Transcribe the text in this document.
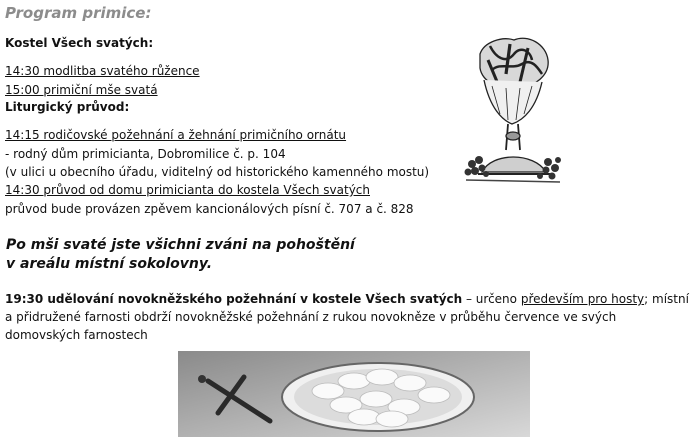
Program primice:
Kostel Všech svatých:
14:30 modlitba svatého růžence
15:00 primiční mše svatá
Liturgický průvod:
14:15 rodičovské požehnání a žehnání primičního ornátu
- rodný dům primicianta, Dobromilice č. p. 104
(v ulici u obecního úřadu, viditelný od historického kamenného mostu)
14:30 průvod od domu primicianta do kostela Všech svatých
průvod bude provázen zpěvem kancionálových písní č. 707 a č. 828
Po mši svaté jste všichni zváni na pohoštění
v areálu místní sokolovny.
19:30 udělování novokněžského požehnání v kostele Všech svatých – určeno především pro hosty; místní a přidružené farnosti obdrží novokněžské požehnání z rukou novokněze v průběhu července ve svých domovských farnostech
